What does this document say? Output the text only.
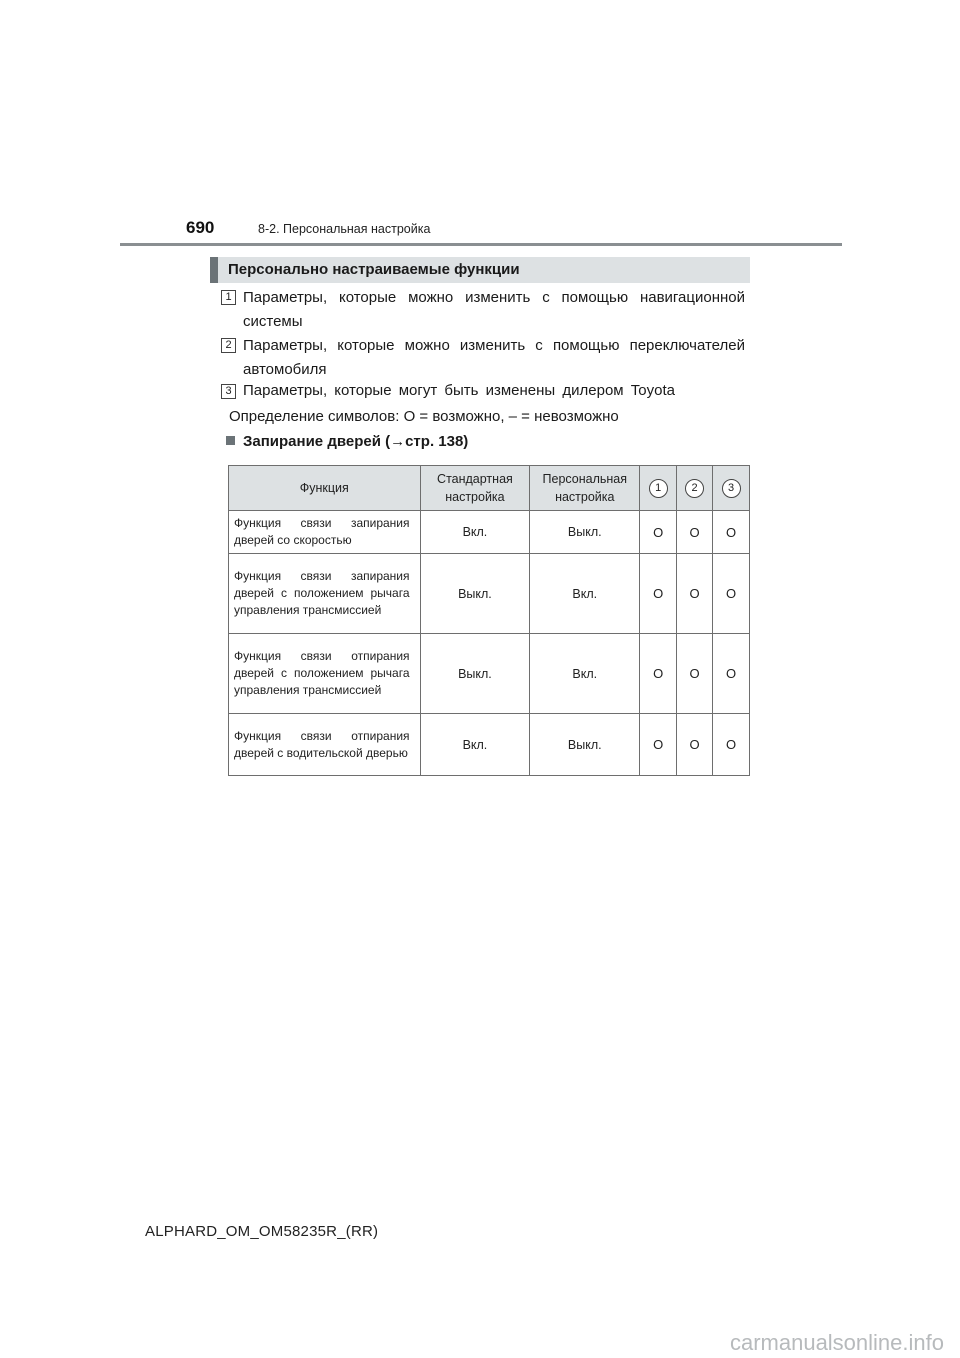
690	8-2. Персональная настройка
Персонально настраиваемые функции
1 Параметры, которые можно изменить с помощью навигационной системы
2 Параметры, которые можно изменить с помощью переключателей автомобиля
3 Параметры, которые могут быть изменены дилером Toyota
Определение символов: O = возможно, – = невозможно
Запирание дверей (→стр. 138)
Функция	Стандартная настройка	Персональная настройка	1	2	3
Функция связи запирания дверей со скоростью	Вкл.	Выкл.	O	O	O
Функция связи запирания дверей с положением рычага управления трансмиссией	Выкл.	Вкл.	O	O	O
Функция связи отпирания дверей с положением рычага управления трансмиссией	Выкл.	Вкл.	O	O	O
Функция связи отпирания дверей с водительской дверью	Вкл.	Выкл.	O	O	O
ALPHARD_OM_OM58235R_(RR)
carmanualsonline.info
